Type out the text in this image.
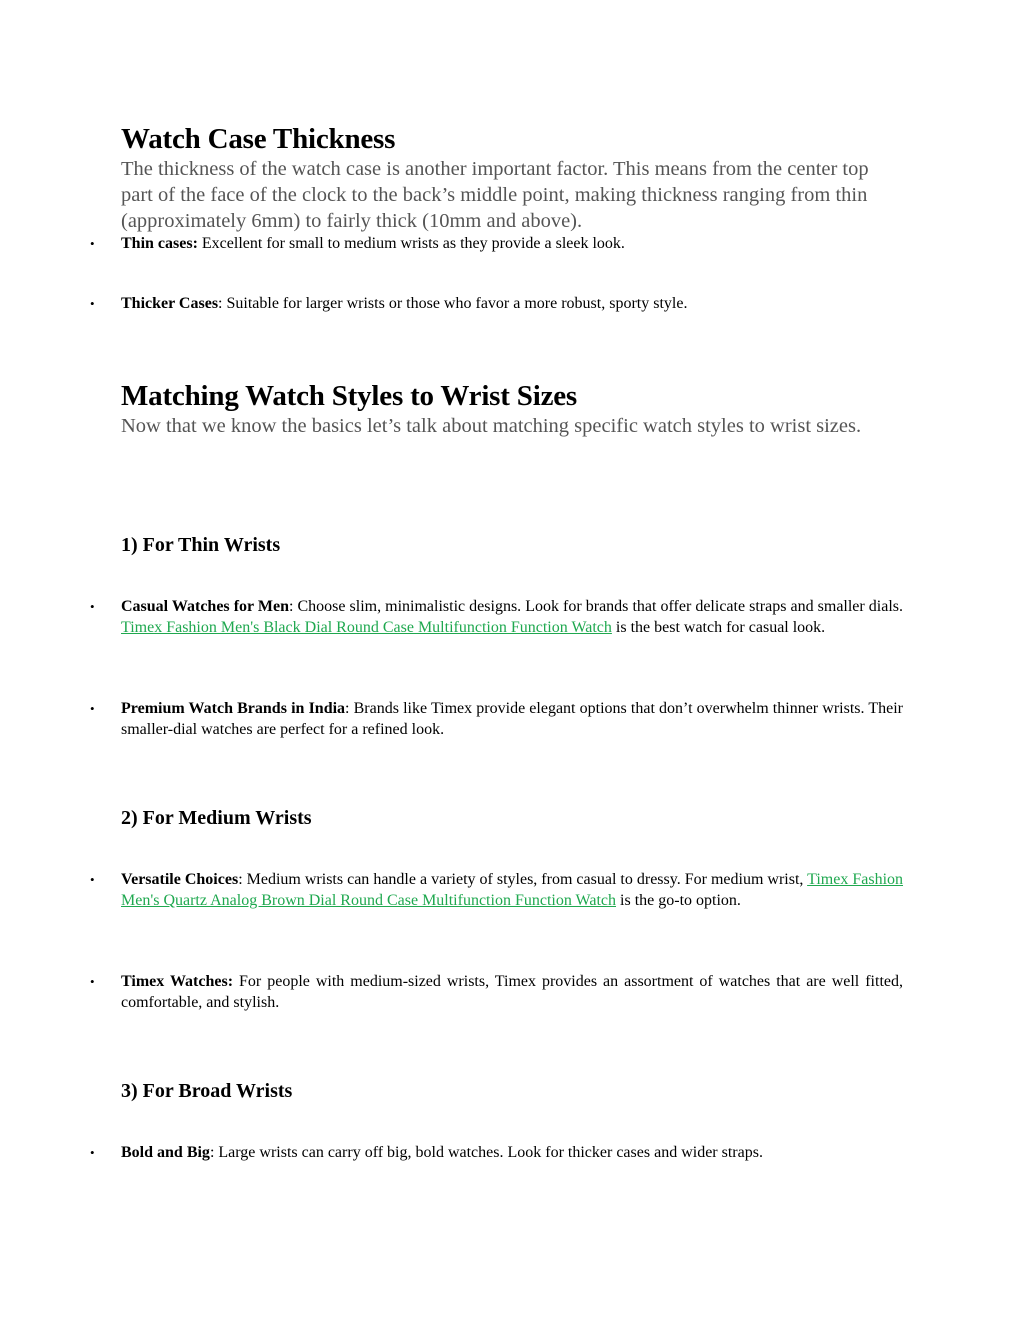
Watch Case Thickness

The thickness of the watch case is another important factor. This means from the center top part of the face of the clock to the back’s middle point, making thickness ranging from thin (approximately 6mm) to fairly thick (10mm and above).

•	Thin cases: Excellent for small to medium wrists as they provide a sleek look.
•	Thicker Cases: Suitable for larger wrists or those who favor a more robust, sporty style.
Matching Watch Styles to Wrist Sizes

Now that we know the basics let’s talk about matching specific watch styles to wrist sizes.

1) For Thin Wrists
•	Casual Watches for Men: Choose slim, minimalistic designs. Look for brands that offer delicate straps and smaller dials. Timex Fashion Men's Black Dial Round Case Multifunction Function Watch is the best watch for casual look.
•	Premium Watch Brands in India: Brands like Timex provide elegant options that don’t overwhelm thinner wrists. Their smaller-dial watches are perfect for a refined look.
2) For Medium Wrists
•	Versatile Choices: Medium wrists can handle a variety of styles, from casual to dressy. For medium wrist, Timex Fashion Men's Quartz Analog Brown Dial Round Case Multifunction Function Watch is the go-to option.
•	Timex Watches: For people with medium-sized wrists, Timex provides an assortment of watches that are well fitted, comfortable, and stylish.
3) For Broad Wrists
•	Bold and Big: Large wrists can carry off big, bold watches. Look for thicker cases and wider straps.
